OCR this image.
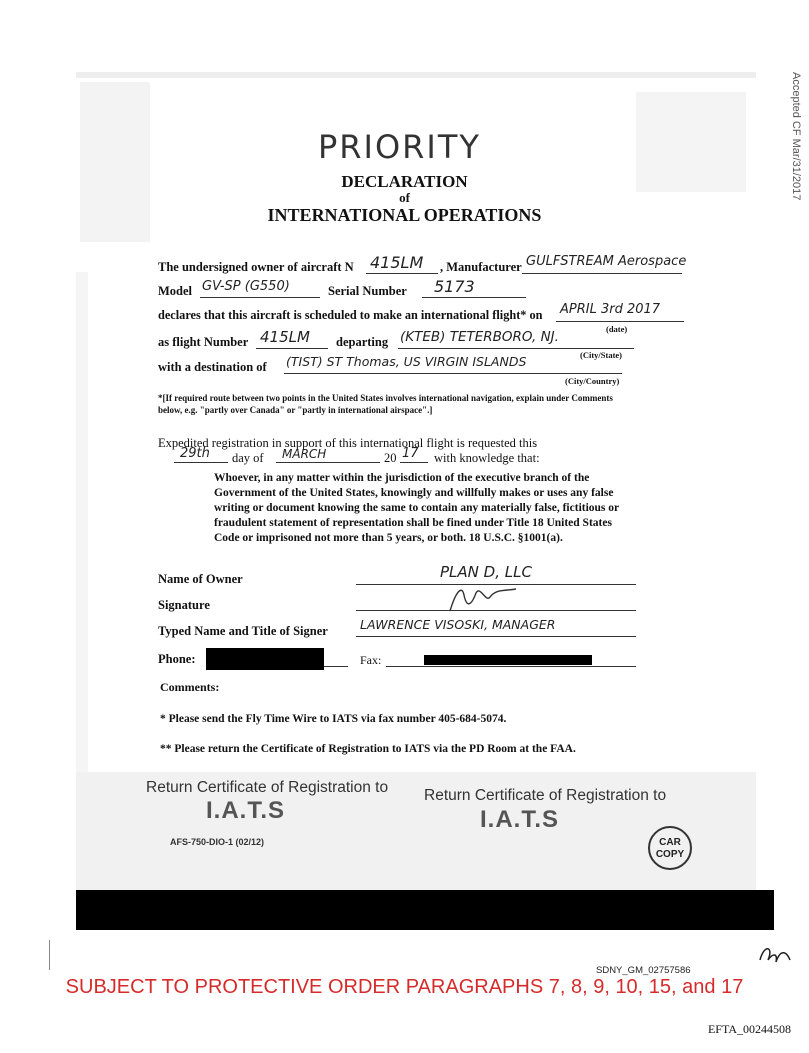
Accepted CF Mar/31/2017
PRIORITY
DECLARATION
of
INTERNATIONAL OPERATIONS
The undersigned owner of aircraft N 415LM , Manufacturer GULFSTREAM Aerospace
Model GV-SP (G550)	Serial Number 5173
declares that this aircraft is scheduled to make an international flight* on APRIL 3rd 2017
(date)
as flight Number 415LM departing (KTEB) TETERBORO, NJ.
(City/State)
with a destination of (TIST) ST Thomas, US VIRGIN ISLANDS
(City/Country)
*[If required route between two points in the United States involves international navigation, explain under Comments below, e.g. "partly over Canada" or "partly in international airspace".]
Expedited registration in support of this international flight is requested this
29th day of MARCH	20 17 with knowledge that:
Whoever, in any matter within the jurisdiction of the executive branch of the Government of the United States, knowingly and willfully makes or uses any false writing or document knowing the same to contain any materially false, fictitious or fraudulent statement of representation shall be fined under Title 18 United States Code or imprisoned not more than 5 years, or both. 18 U.S.C. §1001(a).
Name of Owner	PLAN D, LLC
Signature
Typed Name and Title of Signer	LAWRENCE VISOSKI, MANAGER
Phone:	Fax:
Comments:
* Please send the Fly Time Wire to IATS via fax number 405-684-5074.
** Please return the Certificate of Registration to IATS via the PD Room at the FAA.
Return Certificate of Registration to
I.A.T.S
Return Certificate of Registration to
I.A.T.S
AFS-750-DIO-1 (02/12)	CAR COPY
SDNY_GM_02757586
SUBJECT TO PROTECTIVE ORDER PARAGRAPHS 7, 8, 9, 10, 15, and 17
EFTA_00244508
